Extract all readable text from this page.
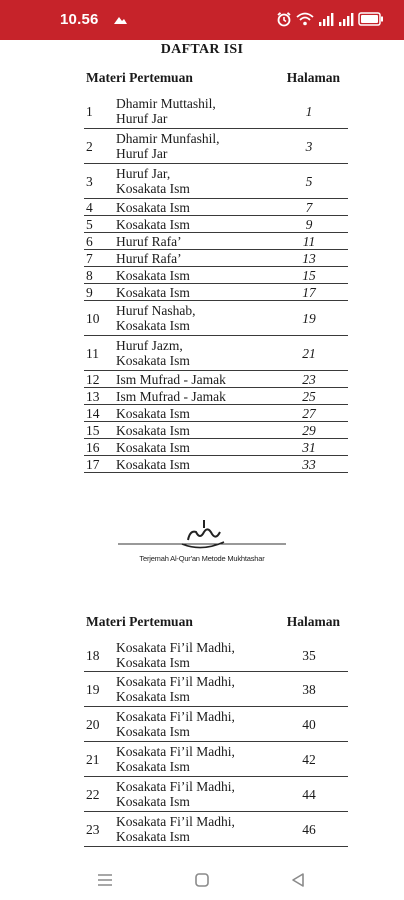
10.56
DAFTAR ISI
Materi Pertemuan	Halaman
1	Dhamir Muttashil,
Huruf Jar	1
2	Dhamir Munfashil,
Huruf Jar	3
3	Huruf Jar,
Kosakata Ism	5
4	Kosakata Ism	7
5	Kosakata Ism	9
6	Huruf Rafa’	11
7	Huruf Rafa’	13
8	Kosakata Ism	15
9	Kosakata Ism	17
10	Huruf Nashab,
Kosakata Ism	19
11	Huruf Jazm,
Kosakata Ism	21
12	Ism Mufrad - Jamak	23
13	Ism Mufrad - Jamak	25
14	Kosakata Ism	27
15	Kosakata Ism	29
16	Kosakata Ism	31
17	Kosakata Ism	33
Terjemah Al-Qur'an Metode Mukhtashar
Materi Pertemuan	Halaman
18	Kosakata Fi’il Madhi,
Kosakata Ism	35
19	Kosakata Fi’il Madhi,
Kosakata Ism	38
20	Kosakata Fi’il Madhi,
Kosakata Ism	40
21	Kosakata Fi’il Madhi,
Kosakata Ism	42
22	Kosakata Fi’il Madhi,
Kosakata Ism	44
23	Kosakata Fi’il Madhi,
Kosakata Ism	46
